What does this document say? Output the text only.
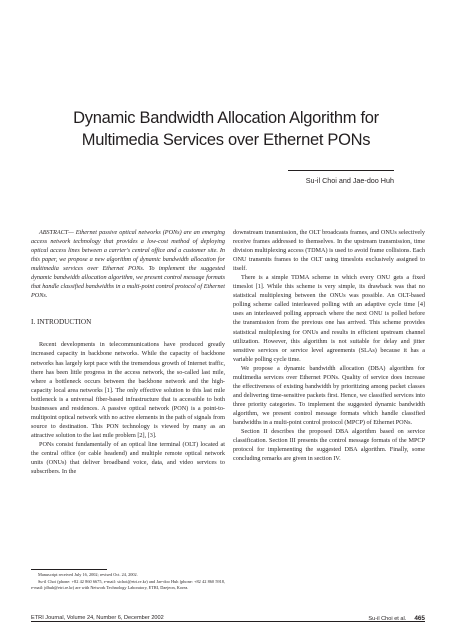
Dynamic Bandwidth Allocation Algorithm for
Multimedia Services over Ethernet PONs
Su-il Choi and Jae-doo Huh

ABSTRACT— Ethernet passive optical networks (PONs) are an emerging access network technology that provides a low-cost method of deploying optical access lines between a carrier's central office and a customer site. In this paper, we propose a new algorithm of dynamic bandwidth allocation for multimedia services over Ethernet PONs. To implement the suggested dynamic bandwidth allocation algorithm, we present control message formats that handle classified bandwidths in a multi-point control protocol of Ethernet PONs.

I. INTRODUCTION

Recent developments in telecommunications have produced greatly increased capacity in backbone networks. While the capacity of backbone networks has largely kept pace with the tremendous growth of Internet traffic, there has been little progress in the access network, the so-called last mile, where a bottleneck occurs between the backbone network and the high-capacity local area networks [1]. The only effective solution to this last mile bottleneck is a universal fiber-based infrastructure that is accessible to both businesses and residences. A passive optical network (PON) is a point-to-multipoint optical network with no active elements in the path of signals from source to destination. This PON technology is viewed by many as an attractive solution to the last mile problem [2], [3].

PONs consist fundamentally of an optical line terminal (OLT) located at the central office (or cable headend) and multiple remote optical network units (ONUs) that deliver broadband voice, data, and video services to subscribers. In the

downstream transmission, the OLT broadcasts frames, and ONUs selectively receive frames addressed to themselves. In the upstream transmission, time division multiplexing access (TDMA) is used to avoid frame collisions. Each ONU transmits frames to the OLT using timeslots exclusively assigned to itself.

There is a simple TDMA scheme in which every ONU gets a fixed timeslot [1]. While this scheme is very simple, its drawback was that no statistical multiplexing between the ONUs was possible. An OLT-based polling scheme called interleaved polling with an adaptive cycle time [4] uses an interleaved polling approach where the next ONU is polled before the transmission from the previous one has arrived. This scheme provides statistical multiplexing for ONUs and results in efficient upstream channel utilization. However, this algorithm is not suitable for delay and jitter sensitive services or service level agreements (SLAs) because it has a variable polling cycle time.

We propose a dynamic bandwidth allocation (DBA) algorithm for multimedia services over Ethernet PONs. Quality of service does increase the effectiveness of existing bandwidth by prioritizing among packet classes and delivering time-sensitive packets first. Hence, we classified services into three priority categories. To implement the suggested dynamic bandwidth algorithm, we present control message formats which handle classified bandwidths in a multi-point control protocol (MPCP) of Ethernet PONs.

Section II describes the proposed DBA algorithm based on service classification. Section III presents the control message formats of the MPCP protocol for implementing the suggested DBA algorithm. Finally, some concluding remarks are given in section IV.

Manuscript received July 16, 2002; revised Oct. 24, 2002.

Su-il Choi (phone: +82 42 860 6675, e-mail: sichoi@etri.re.kr) and Jae-doo Huh (phone: +82 42 860 5918, e-mail: jdhuh@etri.re.kr) are with Network Technology Laboratory, ETRI, Daejeon, Korea.

ETRI Journal, Volume 24, Number 6, December 2002	Su-il Choi et al. 465
